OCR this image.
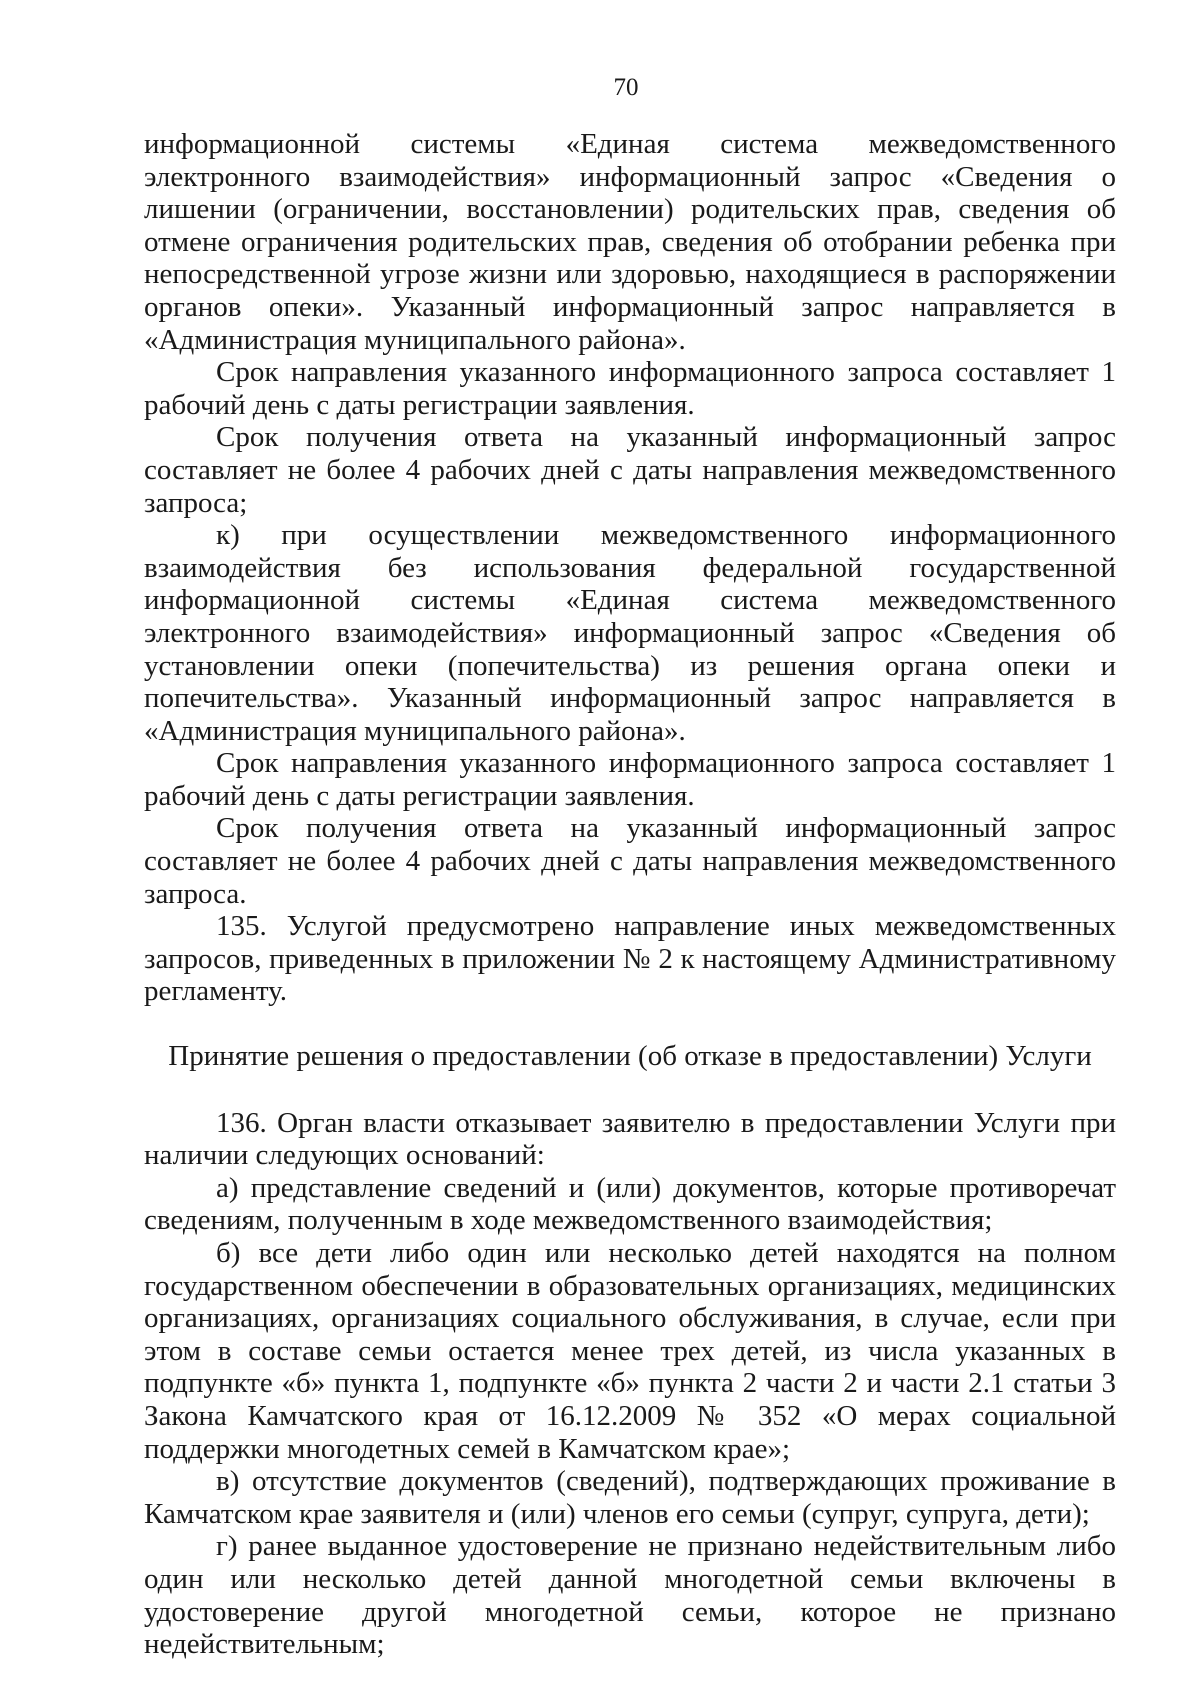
70

информационной системы «Единая система межведомственного электронного взаимодействия» информационный запрос «Сведения о лишении (ограничении, восстановлении) родительских прав, сведения об отмене ограничения родительских прав, сведения об отобрании ребенка при непосредственной угрозе жизни или здоровью, находящиеся в распоряжении органов опеки». Указанный информационный запрос направляется в «Администрация муниципального района».

Срок направления указанного информационного запроса составляет 1 рабочий день с даты регистрации заявления.

Срок получения ответа на указанный информационный запрос составляет не более 4 рабочих дней с даты направления межведомственного запроса;

к) при осуществлении межведомственного информационного взаимодействия без использования федеральной государственной информационной системы «Единая система межведомственного электронного взаимодействия» информационный запрос «Сведения об установлении опеки (попечительства) из решения органа опеки и попечительства». Указанный информационный запрос направляется в «Администрация муниципального района».

Срок направления указанного информационного запроса составляет 1 рабочий день с даты регистрации заявления.

Срок получения ответа на указанный информационный запрос составляет не более 4 рабочих дней с даты направления межведомственного запроса.

135. Услугой предусмотрено направление иных межведомственных запросов, приведенных в приложении № 2 к настоящему Административному регламенту.

Принятие решения о предоставлении (об отказе в предоставлении) Услуги

136. Орган власти отказывает заявителю в предоставлении Услуги при наличии следующих оснований:

а) представление сведений и (или) документов, которые противоречат сведениям, полученным в ходе межведомственного взаимодействия;

б) все дети либо один или несколько детей находятся на полном государственном обеспечении в образовательных организациях, медицинских организациях, организациях социального обслуживания, в случае, если при этом в составе семьи остается менее трех детей, из числа указанных в подпункте «б» пункта 1, подпункте «б» пункта 2 части 2 и части 2.1 статьи 3 Закона Камчатского края от 16.12.2009 № 352 «О мерах социальной поддержки многодетных семей в Камчатском крае»;

в) отсутствие документов (сведений), подтверждающих проживание в Камчатском крае заявителя и (или) членов его семьи (супруг, супруга, дети);

г) ранее выданное удостоверение не признано недействительным либо один или несколько детей данной многодетной семьи включены в удостоверение другой многодетной семьи, которое не признано недействительным;
